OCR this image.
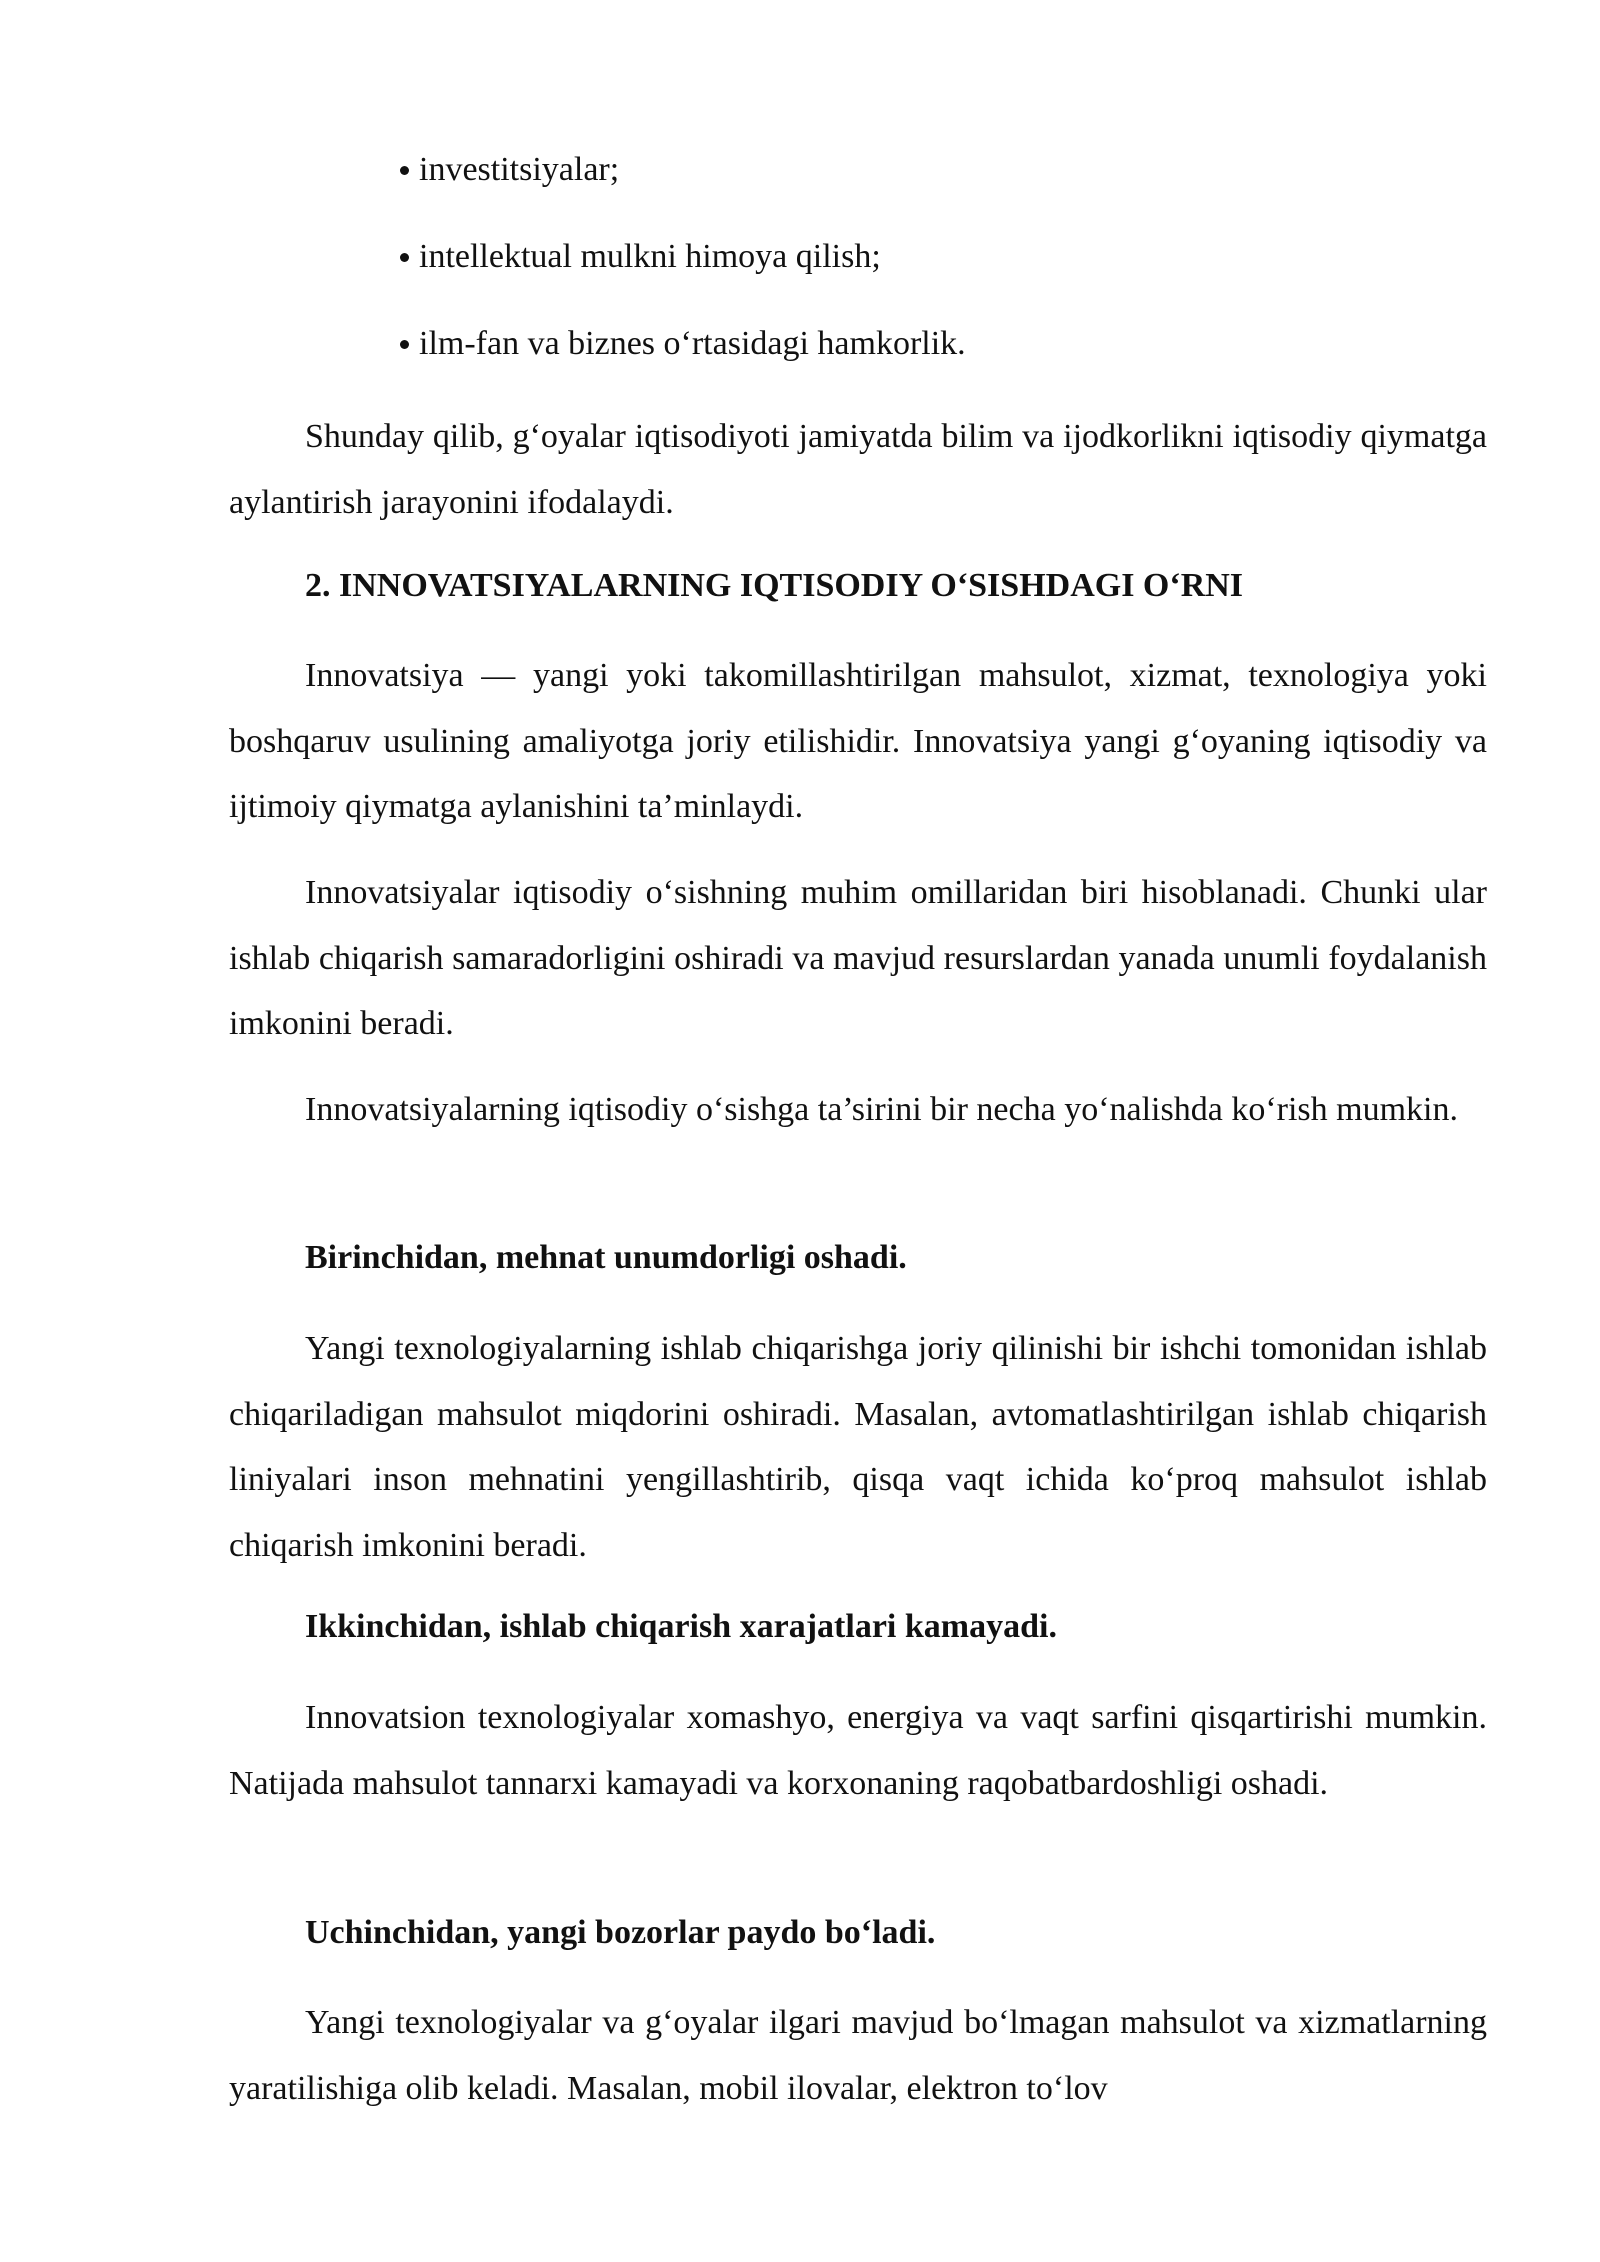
investitsiyalar;
intellektual mulkni himoya qilish;
ilm-fan va biznes o‘rtasidagi hamkorlik.

Shunday qilib, g‘oyalar iqtisodiyoti jamiyatda bilim va ijodkorlikni iqtisodiy qiymatga aylantirish jarayonini ifodalaydi.

2. INNOVATSIYALARNING IQTISODIY O‘SISHDAGI O‘RNI

Innovatsiya — yangi yoki takomillashtirilgan mahsulot, xizmat, texnologiya yoki boshqaruv usulining amaliyotga joriy etilishidir. Innovatsiya yangi g‘oyaning iqtisodiy va ijtimoiy qiymatga aylanishini ta’minlaydi.

Innovatsiyalar iqtisodiy o‘sishning muhim omillaridan biri hisoblanadi. Chunki ular ishlab chiqarish samaradorligini oshiradi va mavjud resurslardan yanada unumli foydalanish imkonini beradi.

Innovatsiyalarning iqtisodiy o‘sishga ta’sirini bir necha yo‘nalishda ko‘rish mumkin.

Birinchidan, mehnat unumdorligi oshadi.

Yangi texnologiyalarning ishlab chiqarishga joriy qilinishi bir ishchi tomonidan ishlab chiqariladigan mahsulot miqdorini oshiradi. Masalan, avtomatlashtirilgan ishlab chiqarish liniyalari inson mehnatini yengillashtirib, qisqa vaqt ichida ko‘proq mahsulot ishlab chiqarish imkonini beradi.

Ikkinchidan, ishlab chiqarish xarajatlari kamayadi.

Innovatsion texnologiyalar xomashyo, energiya va vaqt sarfini qisqartirishi mumkin. Natijada mahsulot tannarxi kamayadi va korxonaning raqobatbardoshligi oshadi.

Uchinchidan, yangi bozorlar paydo bo‘ladi.

Yangi texnologiyalar va g‘oyalar ilgari mavjud bo‘lmagan mahsulot va xizmatlarning yaratilishiga olib keladi. Masalan, mobil ilovalar, elektron to‘lov
